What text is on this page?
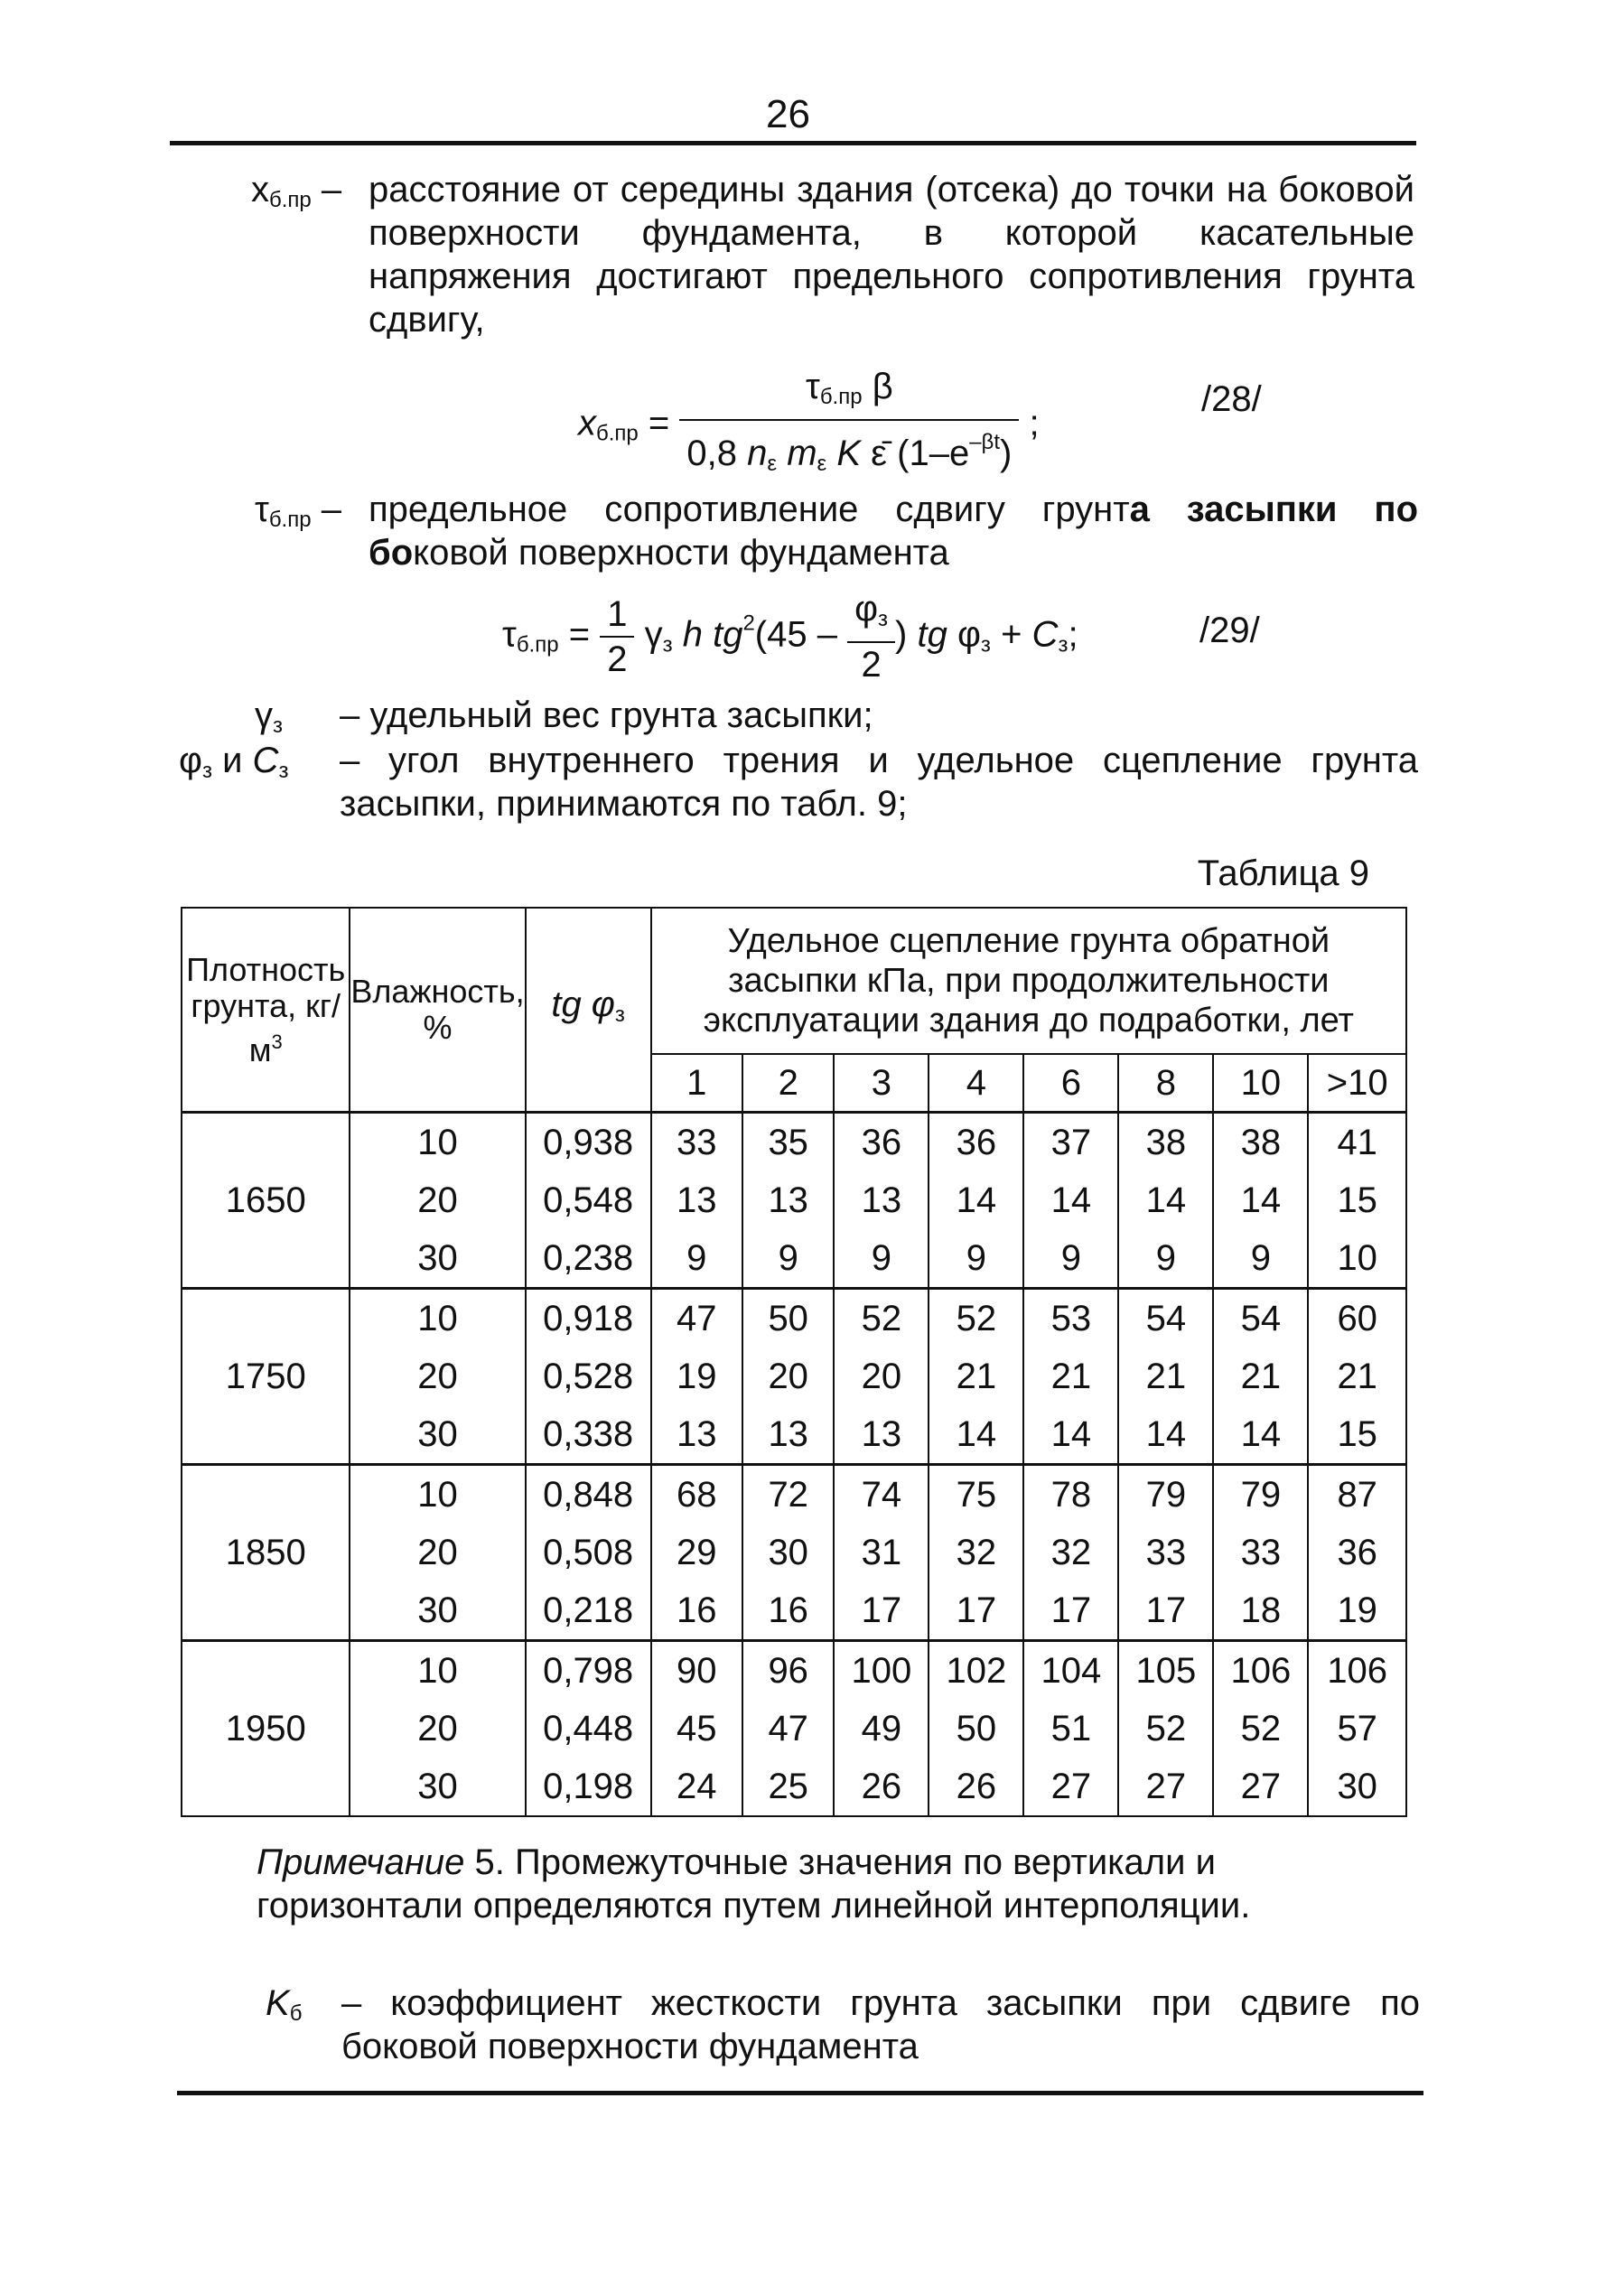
26
$x_{б.пр}$ – расстояние от середины здания (отсека) до точки на боковой поверхности фундамента, в которой касательные напряжения достигают предельного сопротивления грунта сдвигу,
$x_{б.пр}$ =
$\tau_{б.пр}$ β
0,8 $n_\varepsilon$ $m_\varepsilon$ K ε̄ $(1-e^{-\beta t})$
;
/28/
$\tau_{б.пр}$ – предельное сопротивление сдвигу грунта засыпки по боковой поверхности фундамента
$\tau_{б.пр} = \frac{1}{2} \gamma_з$ h $tg^2(45 - \frac{\varphi_з}{2}$ ) tg $\varphi_з + C_з$;	/29/
$\gamma_з$ – удельный вес грунта засыпки;
$\varphi_з$ и $C_з$ – угол внутреннего трения и удельное сцепление грунта засыпки, принимаются по табл. 9;
Таблица 9
Плотность грунта, $кг/м^3$	Влажность, %	tg $\varphi_з$	Удельное сцепление грунта обратной засыпки кПа, при продолжительности эксплуатации здания до подработки, лет							
			1	2	3	4	6	8	10	>10
1650	10	0,938	33	35	36	36	37	38	38	41
	20	0,548	13	13	13	14	14	14	14	15
	30	0,238	9	9	9	9	9	9	9	10
1750	10	0,918	47	50	52	52	53	54	54	60
	20	0,528	19	20	20	21	21	21	21	21
	30	0,338	13	13	13	14	14	14	14	15
1850	10	0,848	68	72	74	75	78	79	79	87
	20	0,508	29	30	31	32	32	33	33	36
	30	0,218	16	16	17	17	17	17	18	19
1950	10	0,798	90	96	100	102	104	105	106	106
	20	0,448	45	47	49	50	51	52	52	57
	30	0,198	24	25	26	26	27	27	27	30
Примечание 5. Промежуточные значения по вертикали и горизонтали определяются путем линейной интерполяции.
$K_б$ – коэффициент жесткости грунта засыпки при сдвиге по боковой поверхности фундамента
